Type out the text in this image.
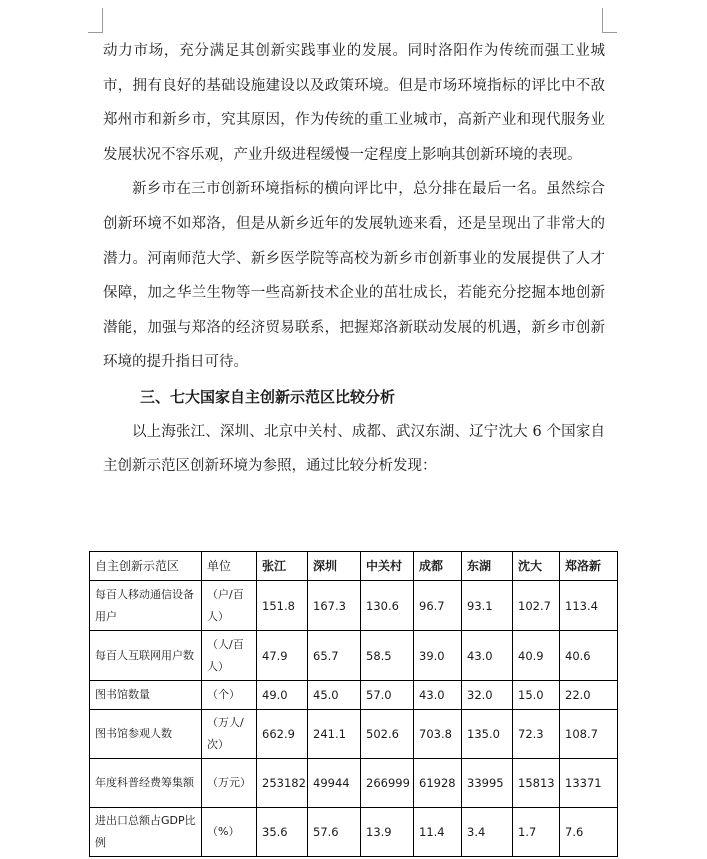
动力市场，充分满足其创新实践事业的发展。同时洛阳作为传统而强工业城市，拥有良好的基础设施建设以及政策环境。但是市场环境指标的评比中不敌郑州市和新乡市，究其原因，作为传统的重工业城市，高新产业和现代服务业发展状况不容乐观，产业升级进程缓慢一定程度上影响其创新环境的表现。

新乡市在三市创新环境指标的横向评比中，总分排在最后一名。虽然综合创新环境不如郑洛，但是从新乡近年的发展轨迹来看，还是呈现出了非常大的潜力。河南师范大学、新乡医学院等高校为新乡市创新事业的发展提供了人才保障，加之华兰生物等一些高新技术企业的茁壮成长，若能充分挖掘本地创新潜能，加强与郑洛的经济贸易联系，把握郑洛新联动发展的机遇，新乡市创新环境的提升指日可待。

三、七大国家自主创新示范区比较分析

以上海张江、深圳、北京中关村、成都、武汉东湖、辽宁沈大 6 个国家自主创新示范区创新环境为参照，通过比较分析发现：

自主创新示范区	单位	张江	深圳	中关村	成都	东湖	沈大	郑洛新
每百人移动通信设备用户	（户/百人）	151.8	167.3	130.6	96.7	93.1	102.7	113.4
每百人互联网用户数	（人/百人）	47.9	65.7	58.5	39.0	43.0	40.9	40.6
图书馆数量	（个）	49.0	45.0	57.0	43.0	32.0	15.0	22.0
图书馆参观人数	（万人/次）	662.9	241.1	502.6	703.8	135.0	72.3	108.7
年度科普经费筹集额	（万元）	253182	49944	266999	61928	33995	15813	13371
进出口总额占GDP比例	（%）	35.6	57.6	13.9	11.4	3.4	1.7	7.6
